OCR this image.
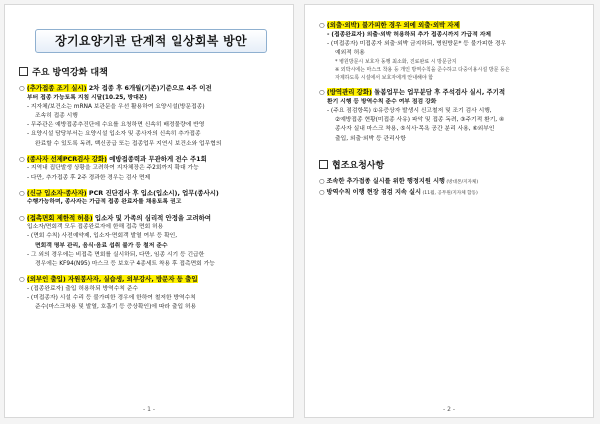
장기요양기관 단계적 일상회복 방안
주요 방역강화 대책
○ (추가접종 조기 실시) 2차 접종 후 6개월(기존)기준으로 4주 이전
부터 접종 가능토록 지침 시달(10.25, 방대본)
- 지자체/보건소는 mRNA 보관문을 우선 활용하여 요양시설(방문접종)
조속히 접종 시행
- 무주관은 예방접종추진단에 수요를 요청하면 신속히 배정물량에 반영
- 요양시설 담당부서는 요양시설 입소자 및 종사자의 신속히 추가접종
완료할 수 있도록 독려, 백신공급 또는 접종업무 지연시 보건소와 업무협의
○ (종사자 선제PCR검사 강화) 예방접종력과 무관하게 전수 주1회
- 지역내 집단발생 상황을 고려하여 지자체장은 주2회까지 확대 가능
- 다만, 추가접종 후 2주 경과한 경우는 검사 면제
○ (신규 입소자·종사자) PCR 진단검사 후 입소(입소시), 업무(종사시)
수행가능하며, 종사자는 가급적 접종 완료자를 채용토록 권고
○ (접촉면회 제한적 허용) 입소자 및 가족의 심리적 안정을 고려하여
입소자/면회객 모두 접종완료자에 한해 접촉 면회 허용
- (면회 수칙) 사전예약제, 입소자·면회객 발열 여부 등 확인,
면회객 명부 관리, 음식·음료 섭취 불가 등 철저 준수
- 그 외의 경우에는 비접촉 면회를 실시하되, 다만, 임종 시기 등 긴급한
경우에는 KF94(N95) 마스크 등 보호구 4종세트 착용 후 접촉면회 가능
○ (외부인 출입) 자원봉사자, 실습생, 외부강사, 방문자 등 출입
- (접종완료자) 출입 허용하되 방역수칙 준수
- (미접종자) 시설 수리 등 불가피한 경우에 한하여 철저한 방역수칙
준수(마스크착용 및 발열, 호흡기 등 증상확인)에 따라 출입 허용
- 1 -
○ (외출·외박) 불가피한 경우 외에 외출·외박 자제
- (접종완료자) 외출·외박 허용하되 추가 접종시까지 가급적 자제
- (미접종자) 미접종자 외출·외박 금지하되, 병원방문* 등 불가피한 경우
예외적 허용
* 병원방문시 보호자 동행 최소화, 진료완료 시 방문금지
※ 외박시에는 마스크 착용 등 개인 방역수칙을 준수하고 다중이용시설 방문 등은
자제하도록 시설에서 보호자에게 안내해야 함
○ (방역관리 강화) 돌봄업무는 업무분담 후 주석검사 실시, 주기적
환기 시행 등 방역수칙 준수 여부 점검 강화
- (주요 점검항목) ①유증상자 발생시 신고철저 및 조기 검사 시행,
②예방접종 현황(미접종 사유) 파악 및 접종 독려, ③주기적 환기, ④
종사자 실내 마스크 착용, ⑤식사·목욕 공간 분리 사용, ⑥외부인
출입, 외출·외박 등 관리사항
협조요청사항
○ 조속한 추가접종 실시를 위한 행정지원 시행 (방대본/지자체)
○ 방역수칙 이행 현장 점검 지속 실시 (11월, 공무원/지자체 합동)
- 2 -
